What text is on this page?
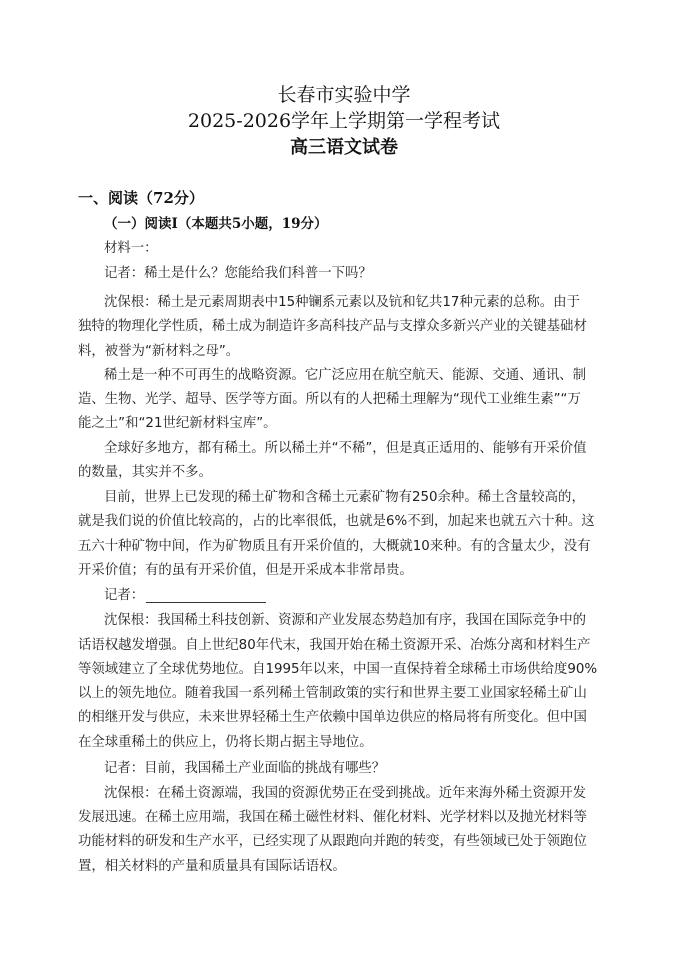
长春市实验中学
2025-2026学年上学期第一学程考试
高三语文试卷
一、阅读（72分）
（一）阅读Ⅰ（本题共5小题，19分）
材料一：
记者：稀土是什么？您能给我们科普一下吗？
沈保根：稀土是元素周期表中15种镧系元素以及钪和钇共17种元素的总称。由于
独特的物理化学性质，稀土成为制造许多高科技产品与支撑众多新兴产业的关键基础材
料，被誉为“新材料之母”。
稀土是一种不可再生的战略资源。它广泛应用在航空航天、能源、交通、通讯、制
造、生物、光学、超导、医学等方面。所以有的人把稀土理解为“现代工业维生素”“万
能之土”和“21世纪新材料宝库”。
全球好多地方，都有稀土。所以稀土并“不稀”，但是真正适用的、能够有开采价值
的数量，其实并不多。
目前，世界上已发现的稀土矿物和含稀土元素矿物有250余种。稀土含量较高的，
就是我们说的价值比较高的，占的比率很低，也就是6%不到，加起来也就五六十种。这
五六十种矿物中间，作为矿物质且有开采价值的，大概就10来种。有的含量太少，没有
开采价值；有的虽有开采价值，但是开采成本非常昂贵。
记者：
沈保根：我国稀土科技创新、资源和产业发展态势趋加有序，我国在国际竞争中的
话语权越发增强。自上世纪80年代末，我国开始在稀土资源开采、冶炼分离和材料生产
等领域建立了全球优势地位。自1995年以来，中国一直保持着全球稀土市场供给度90%
以上的领先地位。随着我国一系列稀土管制政策的实行和世界主要工业国家轻稀土矿山
的相继开发与供应，未来世界轻稀土生产依赖中国单边供应的格局将有所变化。但中国
在全球重稀土的供应上，仍将长期占据主导地位。
记者：目前，我国稀土产业面临的挑战有哪些？
沈保根：在稀土资源端，我国的资源优势正在受到挑战。近年来海外稀土资源开发
发展迅速。在稀土应用端，我国在稀土磁性材料、催化材料、光学材料以及抛光材料等
功能材料的研发和生产水平，已经实现了从跟跑向并跑的转变，有些领域已处于领跑位
置，相关材料的产量和质量具有国际话语权。
